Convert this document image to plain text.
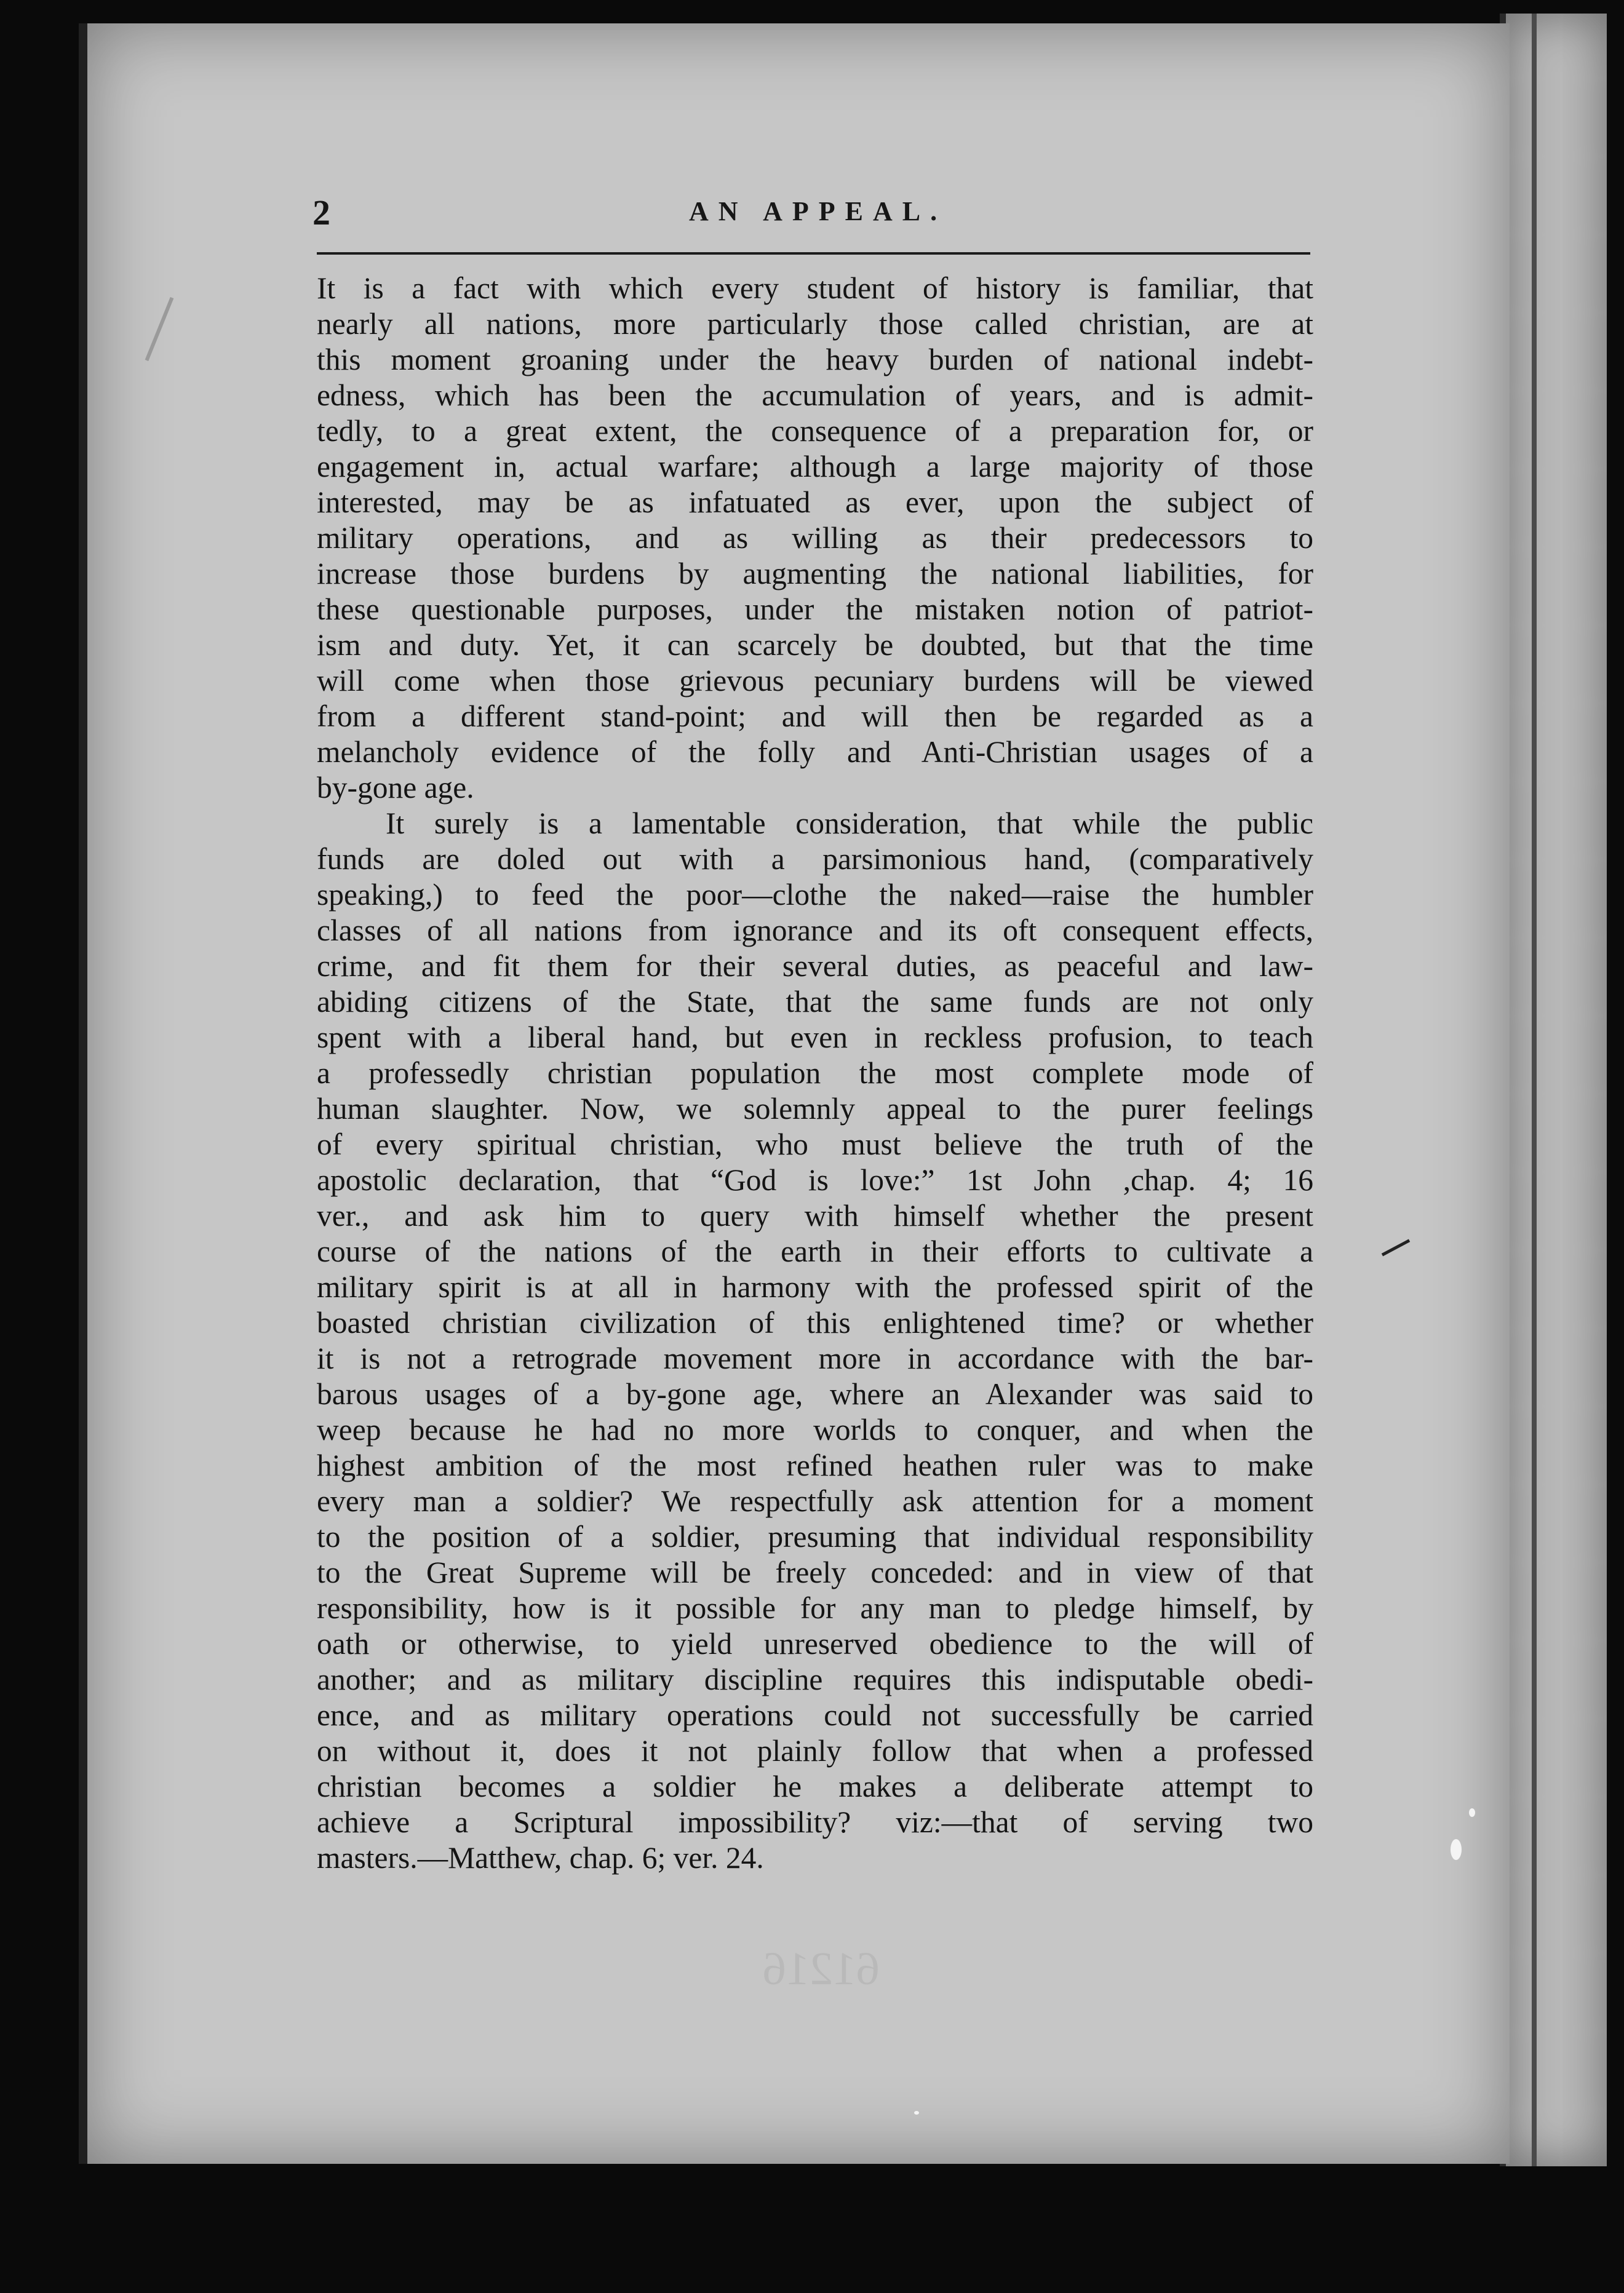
2	AN APPEAL.
It is a fact with which every student of history is familiar, that
nearly all nations, more particularly those called christian, are at
this moment groaning under the heavy burden of national indebt-
edness, which has been the accumulation of years, and is admit-
tedly, to a great extent, the consequence of a preparation for, or
engagement in, actual warfare; although a large majority of those
interested, may be as infatuated as ever, upon the subject of
military operations, and as willing as their predecessors to
increase those burdens by augmenting the national liabilities, for
these questionable purposes, under the mistaken notion of patriot-
ism and duty. Yet, it can scarcely be doubted, but that the time
will come when those grievous pecuniary burdens will be viewed
from a different stand-point; and will then be regarded as a
melancholy evidence of the folly and Anti-Christian usages of a
by-gone age.
It surely is a lamentable consideration, that while the public
funds are doled out with a parsimonious hand, (comparatively
speaking,) to feed the poor—clothe the naked—raise the humbler
classes of all nations from ignorance and its oft consequent effects,
crime, and fit them for their several duties, as peaceful and law-
abiding citizens of the State, that the same funds are not only
spent with a liberal hand, but even in reckless profusion, to teach
a professedly christian population the most complete mode of
human slaughter. Now, we solemnly appeal to the purer feelings
of every spiritual christian, who must believe the truth of the
apostolic declaration, that “God is love:” 1st John ,chap. 4; 16
ver., and ask him to query with himself whether the present
course of the nations of the earth in their efforts to cultivate a
military spirit is at all in harmony with the professed spirit of the
boasted christian civilization of this enlightened time? or whether
it is not a retrograde movement more in accordance with the bar-
barous usages of a by-gone age, where an Alexander was said to
weep because he had no more worlds to conquer, and when the
highest ambition of the most refined heathen ruler was to make
every man a soldier? We respectfully ask attention for a moment
to the position of a soldier, presuming that individual responsibility
to the Great Supreme will be freely conceded: and in view of that
responsibility, how is it possible for any man to pledge himself, by
oath or otherwise, to yield unreserved obedience to the will of
another; and as military discipline requires this indisputable obedi-
ence, and as military operations could not successfully be carried
on without it, does it not plainly follow that when a professed
christian becomes a soldier he makes a deliberate attempt to
achieve a Scriptural impossibility? viz:—that of serving two
masters.—Matthew, chap. 6; ver. 24.
61216
